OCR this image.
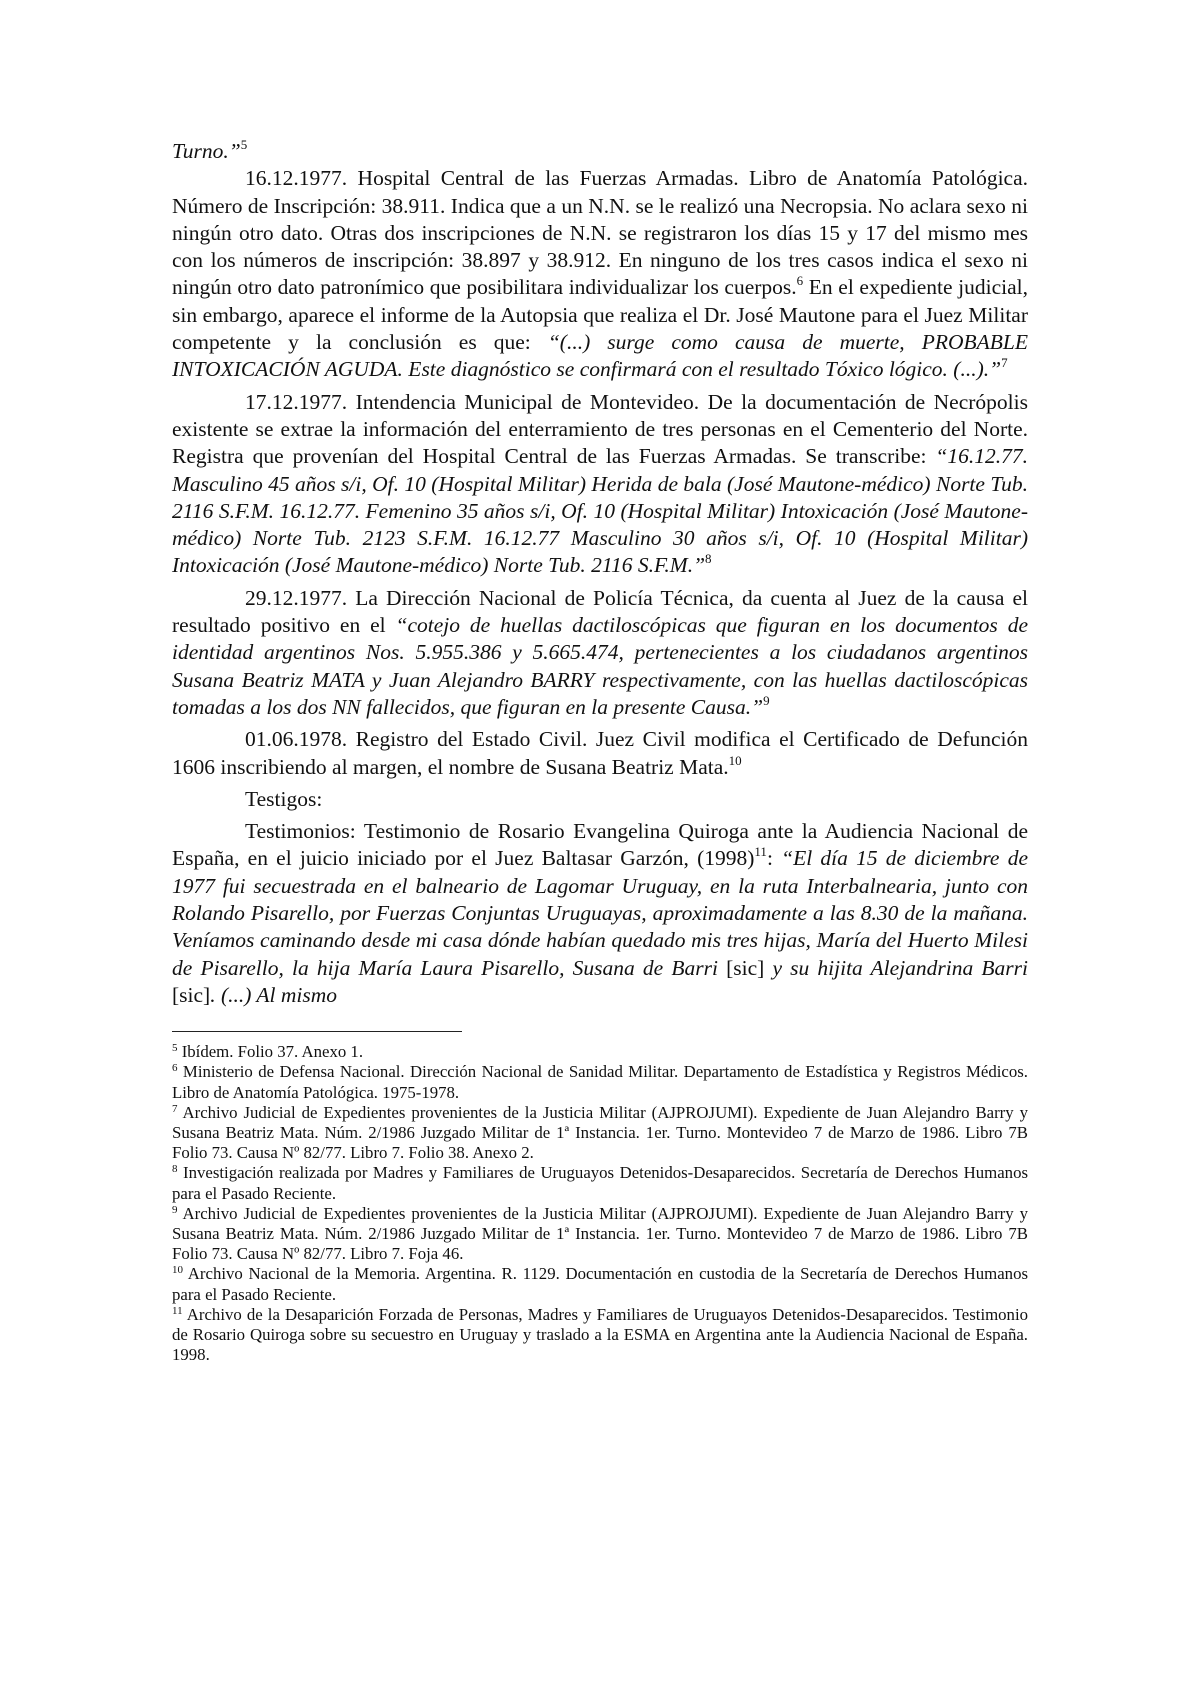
Turno.”$^5$

16.12.1977. Hospital Central de las Fuerzas Armadas. Libro de Anatomía Patológica. Número de Inscripción: 38.911. Indica que a un N.N. se le realizó una Necropsia. No aclara sexo ni ningún otro dato. Otras dos inscripciones de N.N. se registraron los días 15 y 17 del mismo mes con los números de inscripción: 38.897 y 38.912. En ninguno de los tres casos indica el sexo ni ningún otro dato patronímico que posibilitara individualizar los cuerpos.$^6$ En el expediente judicial, sin embargo, aparece el informe de la Autopsia que realiza el Dr. José Mautone para el Juez Militar competente y la conclusión es que: “(...) surge como causa de muerte, PROBABLE INTOXICACIÓN AGUDA. Este diagnóstico se confirmará con el resultado Tóxico lógico. (...).”$^7$

17.12.1977. Intendencia Municipal de Montevideo. De la documentación de Necrópolis existente se extrae la información del enterramiento de tres personas en el Cementerio del Norte. Registra que provenían del Hospital Central de las Fuerzas Armadas. Se transcribe: “16.12.77. Masculino 45 años s/i, Of. 10 (Hospital Militar) Herida de bala (José Mautone-médico) Norte Tub. 2116 S.F.M. 16.12.77. Femenino 35 años s/i, Of. 10 (Hospital Militar) Intoxicación (José Mautone-médico) Norte Tub. 2123 S.F.M. 16.12.77 Masculino 30 años s/i, Of. 10 (Hospital Militar) Intoxicación (José Mautone-médico) Norte Tub. 2116 S.F.M.”$^8$

29.12.1977. La Dirección Nacional de Policía Técnica, da cuenta al Juez de la causa el resultado positivo en el “cotejo de huellas dactiloscópicas que figuran en los documentos de identidad argentinos Nos. 5.955.386 y 5.665.474, pertenecientes a los ciudadanos argentinos Susana Beatriz MATA y Juan Alejandro BARRY respectivamente, con las huellas dactiloscópicas tomadas a los dos NN fallecidos, que figuran en la presente Causa.”$^9$

01.06.1978. Registro del Estado Civil. Juez Civil modifica el Certificado de Defunción 1606 inscribiendo al margen, el nombre de Susana Beatriz Mata.$^{10}$

Testigos:

Testimonios: Testimonio de Rosario Evangelina Quiroga ante la Audiencia Nacional de España, en el juicio iniciado por el Juez Baltasar Garzón, $(1998)^{11}$: “El día 15 de diciembre de 1977 fui secuestrada en el balneario de Lagomar Uruguay, en la ruta Interbalnearia, junto con Rolando Pisarello, por Fuerzas Conjuntas Uruguayas, aproximadamente a las 8.30 de la mañana. Veníamos caminando desde mi casa dónde habían quedado mis tres hijas, María del Huerto Milesi de Pisarello, la hija María Laura Pisarello, Susana de Barri [sic] y su hijita Alejandrina Barri [sic]. (...) Al mismo

$^5$ Ibídem. Folio 37. Anexo 1.

$^6$ Ministerio de Defensa Nacional. Dirección Nacional de Sanidad Militar. Departamento de Estadística y Registros Médicos. Libro de Anatomía Patológica. 1975-1978.

$^7$ Archivo Judicial de Expedientes provenientes de la Justicia Militar (AJPROJUMI). Expediente de Juan Alejandro Barry y Susana Beatriz Mata. Núm. 2/1986 Juzgado Militar de 1ª Instancia. 1er. Turno. Montevideo 7 de Marzo de 1986. Libro 7B Folio 73. Causa Nº 82/77. Libro 7. Folio 38. Anexo 2.

$^8$ Investigación realizada por Madres y Familiares de Uruguayos Detenidos-Desaparecidos. Secretaría de Derechos Humanos para el Pasado Reciente.

$^9$ Archivo Judicial de Expedientes provenientes de la Justicia Militar (AJPROJUMI). Expediente de Juan Alejandro Barry y Susana Beatriz Mata. Núm. 2/1986 Juzgado Militar de 1ª Instancia. 1er. Turno. Montevideo 7 de Marzo de 1986. Libro 7B Folio 73. Causa Nº 82/77. Libro 7. Foja 46.

$^{10}$ Archivo Nacional de la Memoria. Argentina. R. 1129. Documentación en custodia de la Secretaría de Derechos Humanos para el Pasado Reciente.

$^{11}$ Archivo de la Desaparición Forzada de Personas, Madres y Familiares de Uruguayos Detenidos-Desaparecidos. Testimonio de Rosario Quiroga sobre su secuestro en Uruguay y traslado a la ESMA en Argentina ante la Audiencia Nacional de España. 1998.
